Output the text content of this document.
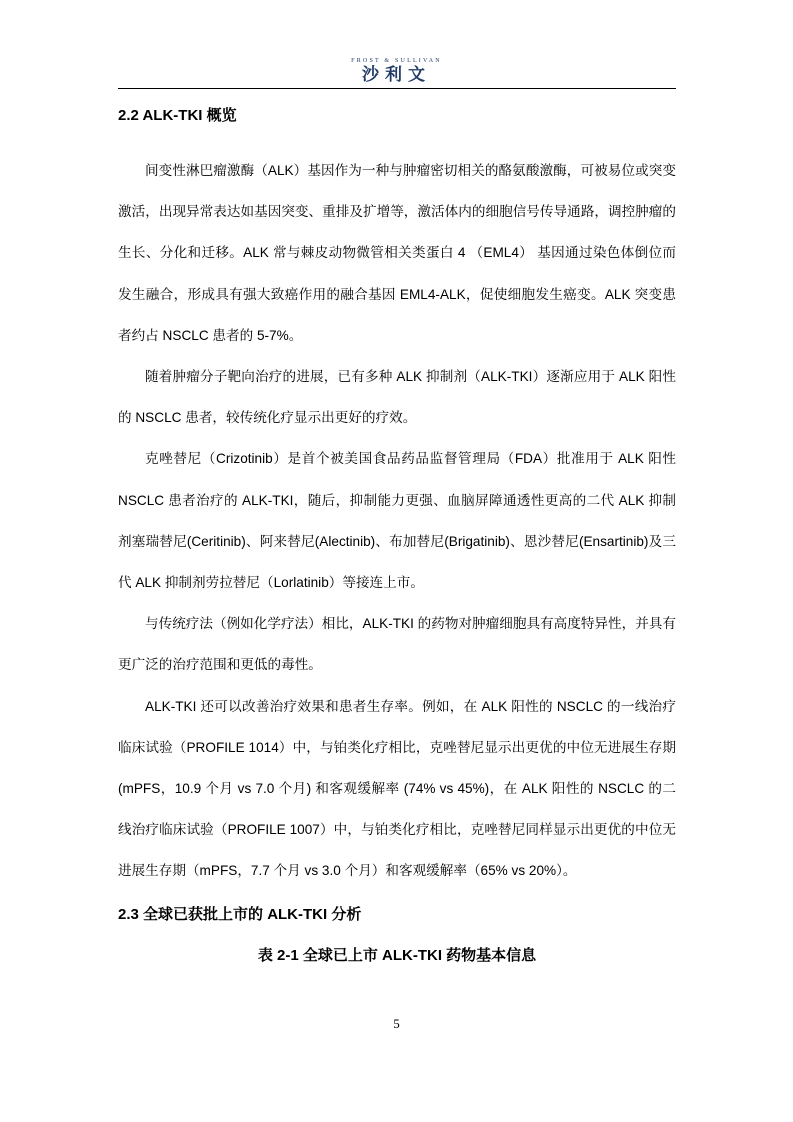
FROST & SULLIVAN
沙利文
2.2 ALK-TKI 概览

间变性淋巴瘤激酶（ALK）基因作为一种与肿瘤密切相关的酪氨酸激酶，可被易位或突变激活，出现异常表达如基因突变、重排及扩增等，激活体内的细胞信号传导通路，调控肿瘤的生长、分化和迁移。ALK 常与棘皮动物微管相关类蛋白 4 （EML4） 基因通过染色体倒位而发生融合，形成具有强大致癌作用的融合基因 EML4-ALK，促使细胞发生癌变。ALK 突变患者约占 NSCLC 患者的 5-7%。

随着肿瘤分子靶向治疗的进展，已有多种 ALK 抑制剂（ALK-TKI）逐渐应用于 ALK 阳性的 NSCLC 患者，较传统化疗显示出更好的疗效。

克唑替尼（Crizotinib）是首个被美国食品药品监督管理局（FDA）批准用于 ALK 阳性 NSCLC 患者治疗的 ALK-TKI，随后，抑制能力更强、血脑屏障通透性更高的二代 ALK 抑制剂塞瑞替尼(Ceritinib)、阿来替尼(Alectinib)、布加替尼(Brigatinib)、恩沙替尼(Ensartinib)及三代 ALK 抑制剂劳拉替尼（Lorlatinib）等接连上市。

与传统疗法（例如化学疗法）相比，ALK-TKI 的药物对肿瘤细胞具有高度特异性，并具有更广泛的治疗范围和更低的毒性。

ALK-TKI 还可以改善治疗效果和患者生存率。例如，在 ALK 阳性的 NSCLC 的一线治疗临床试验（PROFILE 1014）中，与铂类化疗相比，克唑替尼显示出更优的中位无进展生存期 (mPFS，10.9 个月 vs 7.0 个月) 和客观缓解率 (74% vs 45%)，在 ALK 阳性的 NSCLC 的二线治疗临床试验（PROFILE 1007）中，与铂类化疗相比，克唑替尼同样显示出更优的中位无进展生存期（mPFS，7.7 个月 vs 3.0 个月）和客观缓解率（65% vs 20%）。

2.3 全球已获批上市的 ALK-TKI 分析
表 2-1 全球已上市 ALK-TKI 药物基本信息
5
